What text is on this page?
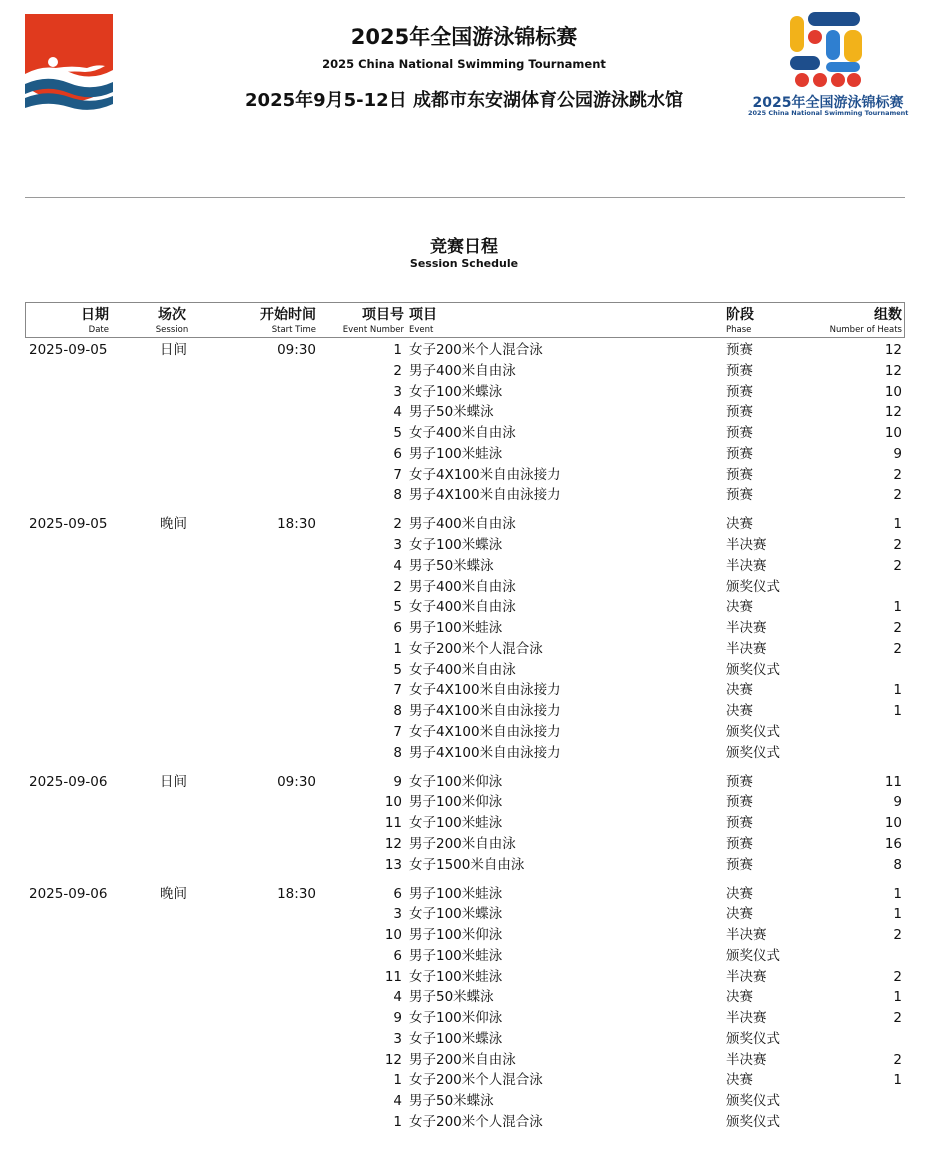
2025年全国游泳锦标赛
2025 China National Swimming Tournament
2025年全国游泳锦标赛
2025 China National Swimming Tournament
2025年9月5-12日 成都市东安湖体育公园游泳跳水馆
竞赛日程
Session Schedule
日期
Date
场次
Session
开始时间
Start Time
项目号
Event Number
项目
Event
阶段
Phase
组数
Number of Heats
2025-09-05	日间	09:30	1 女子200米个人混合泳	预赛	12
2 男子400米自由泳	预赛	12
3 女子100米蝶泳	预赛	10
4 男子50米蝶泳	预赛	12
5 女子400米自由泳	预赛	10
6 男子100米蛙泳	预赛	9
7 女子4X100米自由泳接力	预赛	2
8 男子4X100米自由泳接力	预赛	2
2025-09-05	晚间	18:30	2 男子400米自由泳	决赛	1
3 女子100米蝶泳	半决赛	2
4 男子50米蝶泳	半决赛	2
2 男子400米自由泳	颁奖仪式
5 女子400米自由泳	决赛	1
6 男子100米蛙泳	半决赛	2
1 女子200米个人混合泳	半决赛	2
5 女子400米自由泳	颁奖仪式
7 女子4X100米自由泳接力	决赛	1
8 男子4X100米自由泳接力	决赛	1
7 女子4X100米自由泳接力	颁奖仪式
8 男子4X100米自由泳接力	颁奖仪式
2025-09-06	日间	09:30	9 女子100米仰泳	预赛	11
10 男子100米仰泳	预赛	9
11 女子100米蛙泳	预赛	10
12 男子200米自由泳	预赛	16
13 女子1500米自由泳	预赛	8
2025-09-06	晚间	18:30	6 男子100米蛙泳	决赛	1
3 女子100米蝶泳	决赛	1
10 男子100米仰泳	半决赛	2
6 男子100米蛙泳	颁奖仪式
11 女子100米蛙泳	半决赛	2
4 男子50米蝶泳	决赛	1
9 女子100米仰泳	半决赛	2
3 女子100米蝶泳	颁奖仪式
12 男子200米自由泳	半决赛	2
1 女子200米个人混合泳	决赛	1
4 男子50米蝶泳	颁奖仪式
1 女子200米个人混合泳	颁奖仪式
